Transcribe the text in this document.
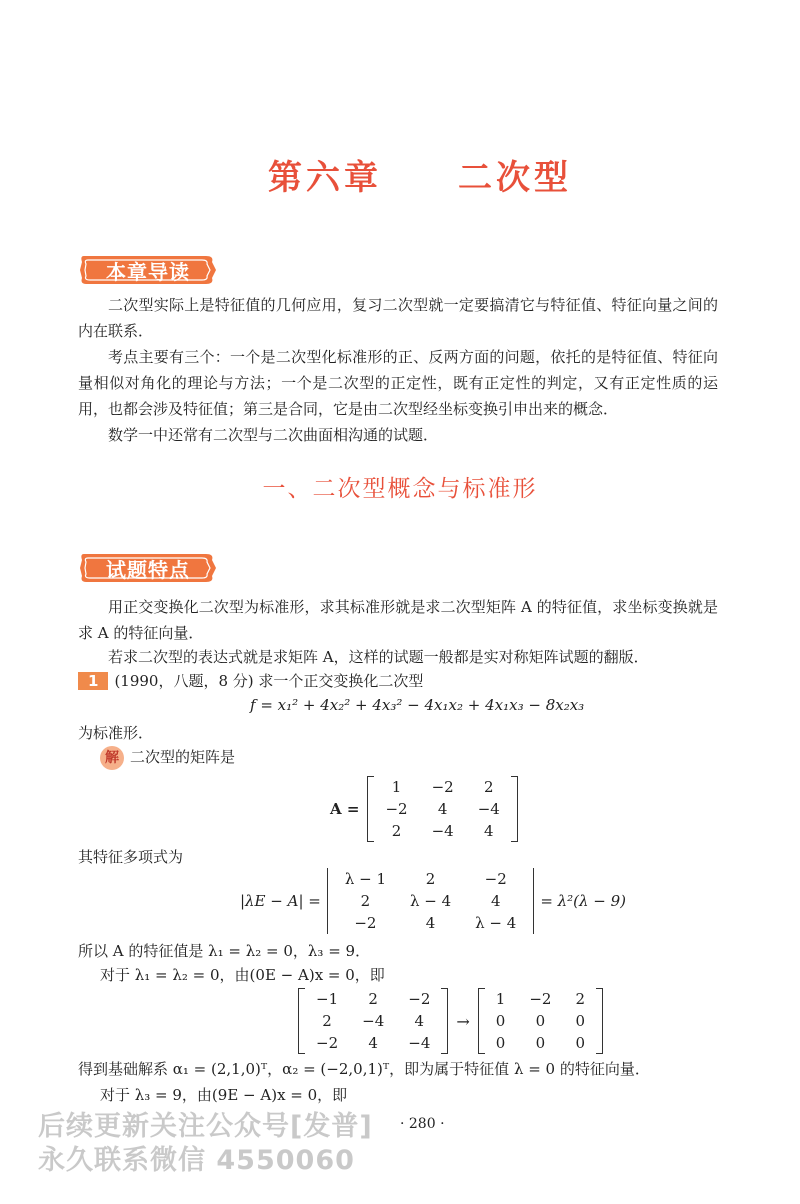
第六章　　二次型
本章导读

二次型实际上是特征值的几何应用，复习二次型就一定要搞清它与特征值、特征向量之间的内在联系．

考点主要有三个：一个是二次型化标准形的正、反两方面的问题，依托的是特征值、特征向量相似对角化的理论与方法；一个是二次型的正定性，既有正定性的判定，又有正定性质的运用，也都会涉及特征值；第三是合同，它是由二次型经坐标变换引申出来的概念．

数学一中还常有二次型与二次曲面相沟通的试题．

一、二次型概念与标准形
试题特点

用正交变换化二次型为标准形，求其标准形就是求二次型矩阵 A 的特征值，求坐标变换就是求 A 的特征向量．

若求二次型的表达式就是求矩阵 A，这样的试题一般都是实对称矩阵试题的翻版．

1 (1990，八题，8 分) 求一个正交变换化二次型
f = x₁² + 4x₂² + 4x₃² − 4x₁x₂ + 4x₁x₃ − 8x₂x₃
为标准形．
解 二次型的矩阵是
A =
1	−2	2
−2	4	−4
2	−4	4
其特征多项式为
|λE − A| =
λ − 1	2	−2
2	λ − 4	4
−2	4	λ − 4
= λ²(λ − 9)
所以 A 的特征值是 λ₁ = λ₂ = 0，λ₃ = 9．
对于 λ₁ = λ₂ = 0，由(0E − A)x = 0，即
−1	2	−2
2	−4	4
−2	4	−4
→
1	−2	2
0	0	0
0	0	0
得到基础解系 α₁ = (2,1,0)ᵀ，α₂ = (−2,0,1)ᵀ，即为属于特征值 λ = 0 的特征向量．
对于 λ₃ = 9，由(9E − A)x = 0，即
· 280 ·
后续更新关注公众号[发普]
永久联系微信 4550060
